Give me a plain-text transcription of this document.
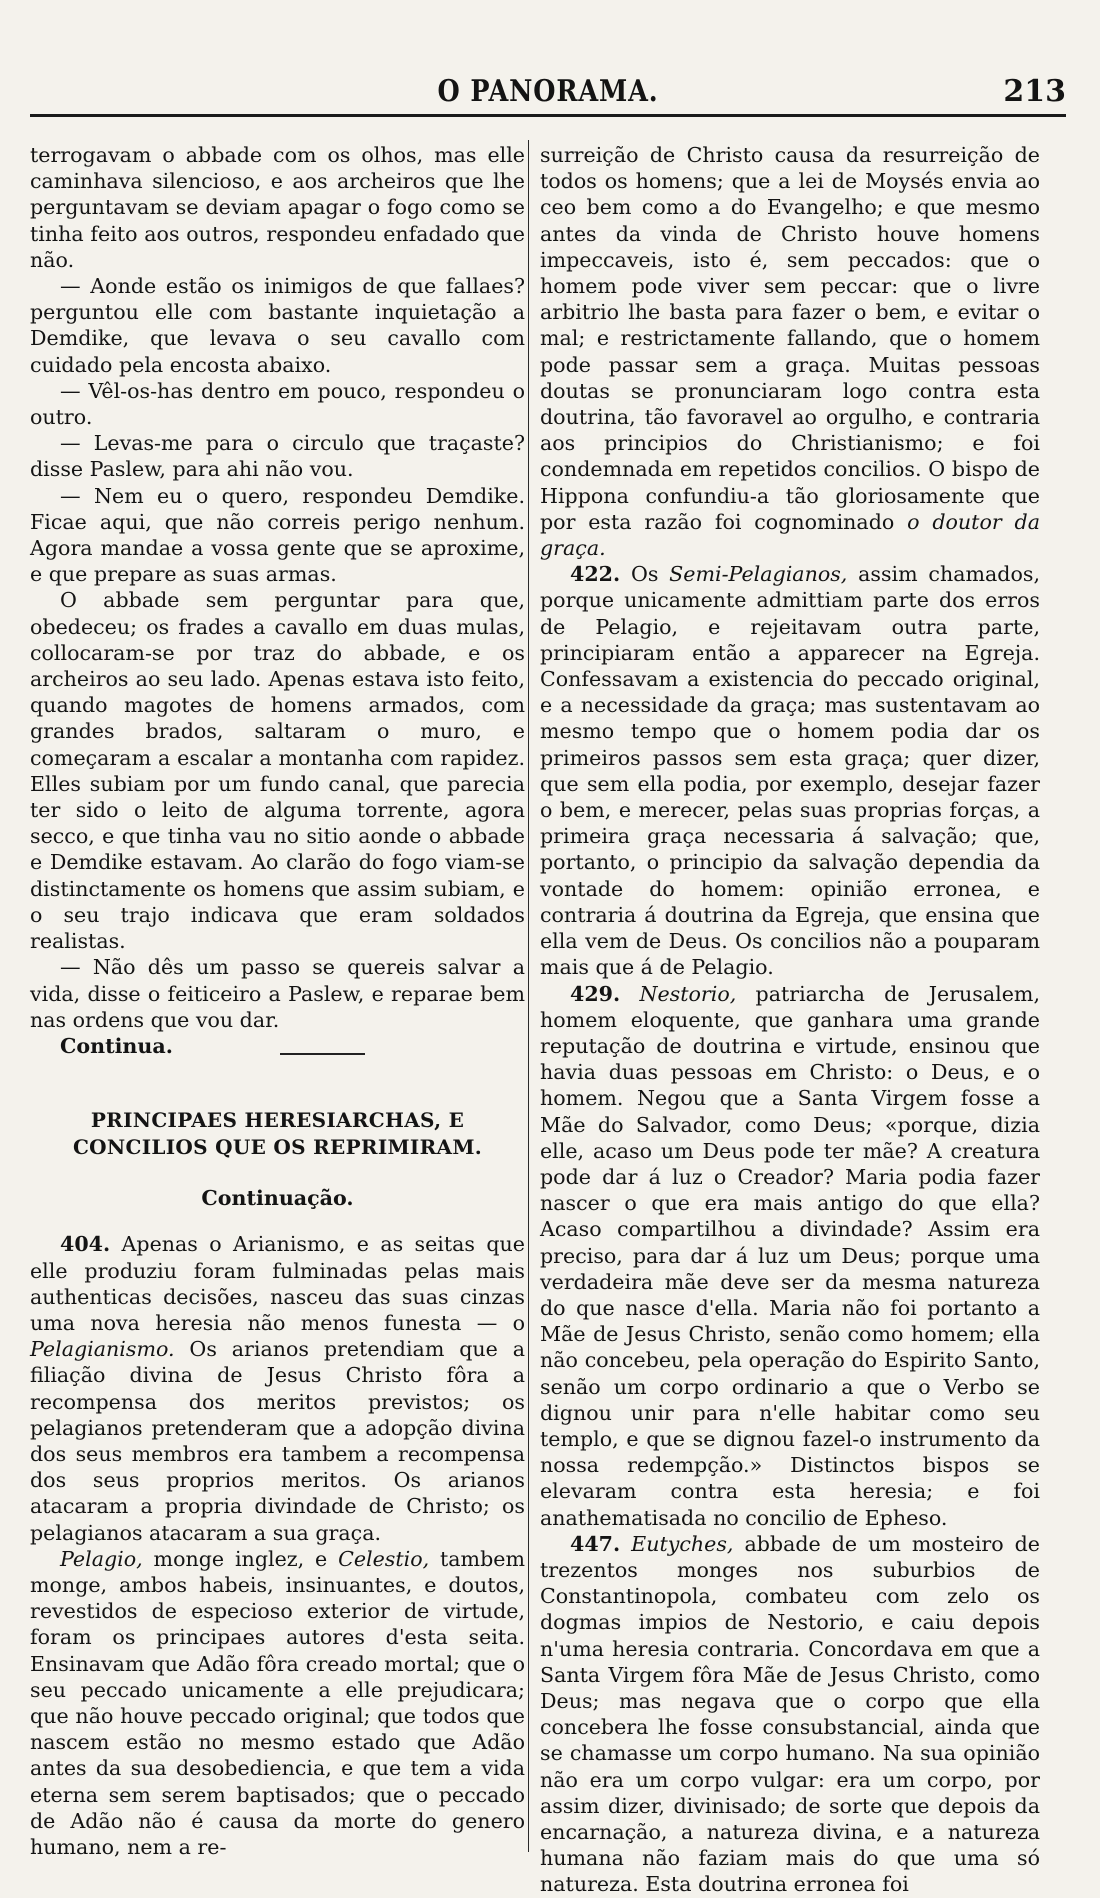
O PANORAMA.	213

terrogavam o abbade com os olhos, mas elle caminhava silencioso, e aos archeiros que lhe perguntavam se deviam apagar o fogo como se tinha feito aos outros, respondeu enfadado que não.

— Aonde estão os inimigos de que fallaes? perguntou elle com bastante inquietação a Demdike, que levava o seu cavallo com cuidado pela encosta abaixo.

— Vêl-os-has dentro em pouco, respondeu o outro.

— Levas-me para o circulo que traçaste? disse Paslew, para ahi não vou.

— Nem eu o quero, respondeu Demdike. Ficae aqui, que não correis perigo nenhum. Agora mandae a vossa gente que se aproxime, e que prepare as suas armas.

O abbade sem perguntar para que, obedeceu; os frades a cavallo em duas mulas, collocaram-se por traz do abbade, e os archeiros ao seu lado. Apenas estava isto feito, quando magotes de homens armados, com grandes brados, saltaram o muro, e começaram a escalar a montanha com rapidez. Elles subiam por um fundo canal, que parecia ter sido o leito de alguma torrente, agora secco, e que tinha vau no sitio aonde o abbade e Demdike estavam. Ao clarão do fogo viam-se distinctamente os homens que assim subiam, e o seu trajo indicava que eram soldados realistas.

— Não dês um passo se quereis salvar a vida, disse o feiticeiro a Paslew, e reparae bem nas ordens que vou dar.

Continua.

PRINCIPAES HERESIARCHAS, E CONCILIOS QUE OS REPRIMIRAM.
Continuação.

404. Apenas o Arianismo, e as seitas que elle produziu foram fulminadas pelas mais authenticas decisões, nasceu das suas cinzas uma nova heresia não menos funesta — o Pelagianismo. Os arianos pretendiam que a filiação divina de Jesus Christo fôra a recompensa dos meritos previstos; os pelagianos pretenderam que a adopção divina dos seus membros era tambem a recompensa dos seus proprios meritos. Os arianos atacaram a propria divindade de Christo; os pelagianos atacaram a sua graça.

Pelagio, monge inglez, e Celestio, tambem monge, ambos habeis, insinuantes, e doutos, revestidos de especioso exterior de virtude, foram os principaes autores d'esta seita. Ensinavam que Adão fôra creado mortal; que o seu peccado unicamente a elle prejudicara; que não houve peccado original; que todos que nascem estão no mesmo estado que Adão antes da sua desobediencia, e que tem a vida eterna sem serem baptisados; que o peccado de Adão não é causa da morte do genero humano, nem a re-

surreição de Christo causa da resurreição de todos os homens; que a lei de Moysés envia ao ceo bem como a do Evangelho; e que mesmo antes da vinda de Christo houve homens impeccaveis, isto é, sem peccados: que o homem pode viver sem peccar: que o livre arbitrio lhe basta para fazer o bem, e evitar o mal; e restrictamente fallando, que o homem pode passar sem a graça. Muitas pessoas doutas se pronunciaram logo contra esta doutrina, tão favoravel ao orgulho, e contraria aos principios do Christianismo; e foi condemnada em repetidos concilios. O bispo de Hippona confundiu-a tão gloriosamente que por esta razão foi cognominado o doutor da graça.

422. Os Semi-Pelagianos, assim chamados, porque unicamente admittiam parte dos erros de Pelagio, e rejeitavam outra parte, principiaram então a apparecer na Egreja. Confessavam a existencia do peccado original, e a necessidade da graça; mas sustentavam ao mesmo tempo que o homem podia dar os primeiros passos sem esta graça; quer dizer, que sem ella podia, por exemplo, desejar fazer o bem, e merecer, pelas suas proprias forças, a primeira graça necessaria á salvação; que, portanto, o principio da salvação dependia da vontade do homem: opinião erronea, e contraria á doutrina da Egreja, que ensina que ella vem de Deus. Os concilios não a pouparam mais que á de Pelagio.

429. Nestorio, patriarcha de Jerusalem, homem eloquente, que ganhara uma grande reputação de doutrina e virtude, ensinou que havia duas pessoas em Christo: o Deus, e o homem. Negou que a Santa Virgem fosse a Mãe do Salvador, como Deus; «porque, dizia elle, acaso um Deus pode ter mãe? A creatura pode dar á luz o Creador? Maria podia fazer nascer o que era mais antigo do que ella? Acaso compartilhou a divindade? Assim era preciso, para dar á luz um Deus; porque uma verdadeira mãe deve ser da mesma natureza do que nasce d'ella. Maria não foi portanto a Mãe de Jesus Christo, senão como homem; ella não concebeu, pela operação do Espirito Santo, senão um corpo ordinario a que o Verbo se dignou unir para n'elle habitar como seu templo, e que se dignou fazel-o instrumento da nossa redempção.» Distinctos bispos se elevaram contra esta heresia; e foi anathematisada no concilio de Epheso.

447. Eutyches, abbade de um mosteiro de trezentos monges nos suburbios de Constantinopola, combateu com zelo os dogmas impios de Nestorio, e caiu depois n'uma heresia contraria. Concordava em que a Santa Virgem fôra Mãe de Jesus Christo, como Deus; mas negava que o corpo que ella concebera lhe fosse consubstancial, ainda que se chamasse um corpo humano. Na sua opinião não era um corpo vulgar: era um corpo, por assim dizer, divinisado; de sorte que depois da encarnação, a natureza divina, e a natureza humana não faziam mais do que uma só natureza. Esta doutrina erronea foi
